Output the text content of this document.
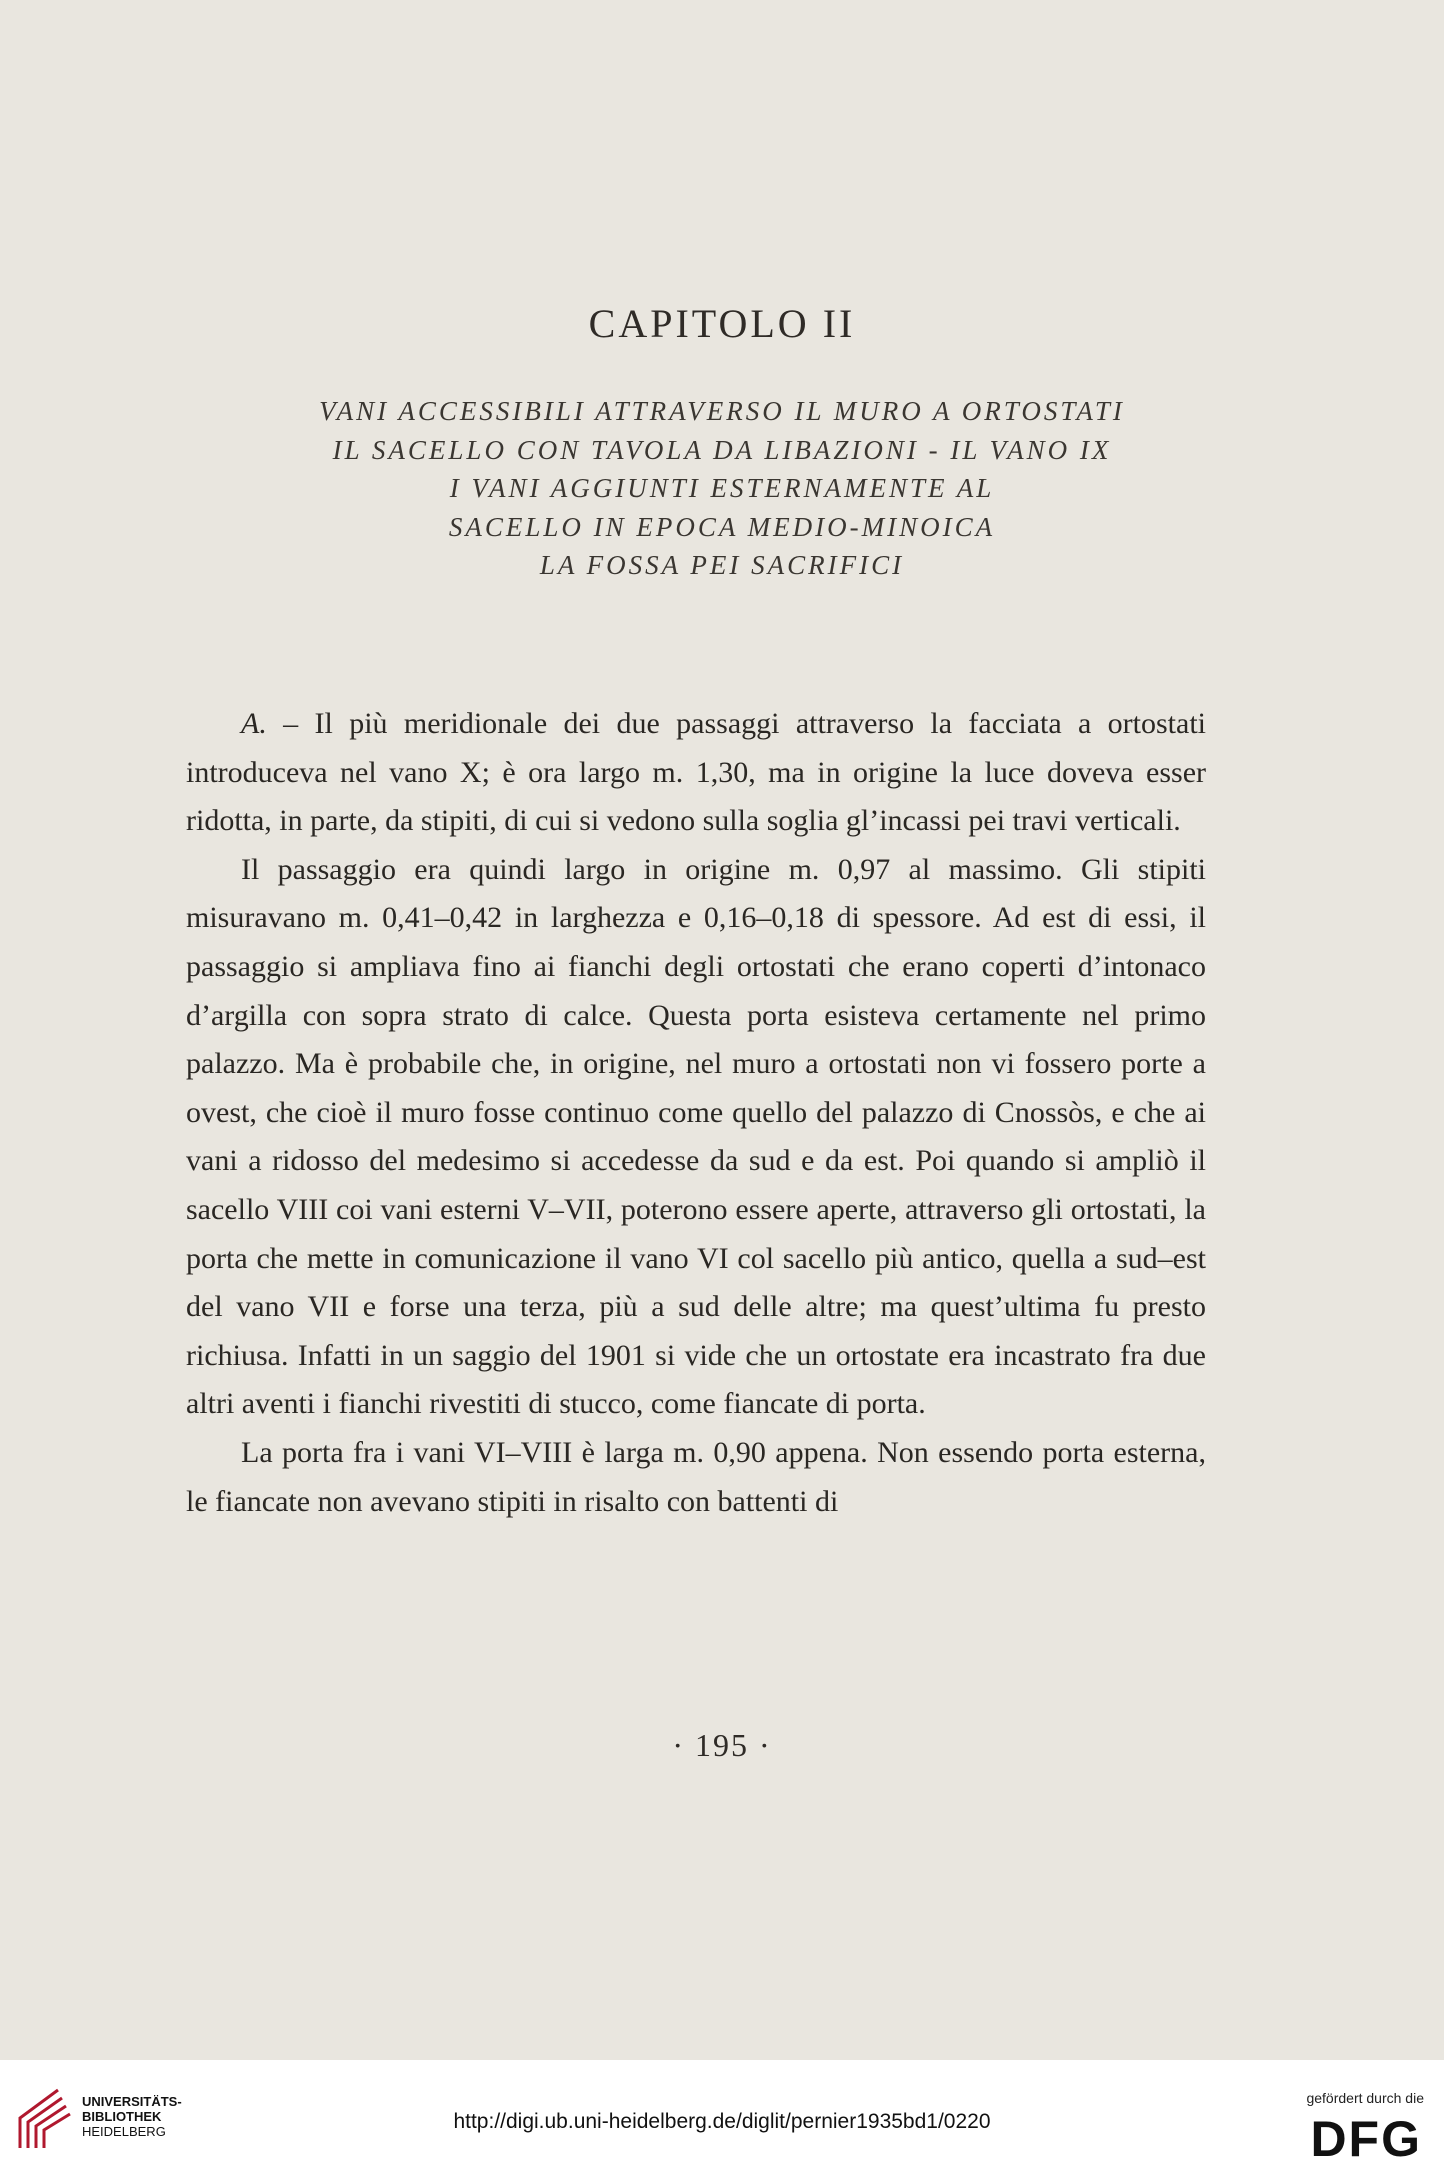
CAPITOLO II
VANI ACCESSIBILI ATTRAVERSO IL MURO A ORTOSTATI
IL SACELLO CON TAVOLA DA LIBAZIONI - IL VANO IX
I VANI AGGIUNTI ESTERNAMENTE AL
SACELLO IN EPOCA MEDIO-MINOICA
LA FOSSA PEI SACRIFICI

A. – Il più meridionale dei due passaggi attraverso la facciata a ortostati introduceva nel vano X; è ora largo m. 1,30, ma in origine la luce doveva esser ridotta, in parte, da stipiti, di cui si vedono sulla soglia gl’incassi pei travi verticali.

Il passaggio era quindi largo in origine m. 0,97 al massimo. Gli stipiti misuravano m. 0,41–0,42 in larghezza e 0,16–0,18 di spessore. Ad est di essi, il passaggio si ampliava fino ai fianchi degli ortostati che erano coperti d’intonaco d’argilla con sopra strato di calce. Questa porta esisteva certamente nel primo palazzo. Ma è probabile che, in origine, nel muro a ortostati non vi fossero porte a ovest, che cioè il muro fosse continuo come quello del palazzo di Cnossòs, e che ai vani a ridosso del medesimo si accedesse da sud e da est. Poi quando si ampliò il sacello VIII coi vani esterni V–VII, poterono essere aperte, attraverso gli ortostati, la porta che mette in comunicazione il vano VI col sacello più antico, quella a sud–est del vano VII e forse una terza, più a sud delle altre; ma quest’ultima fu presto richiusa. Infatti in un saggio del 1901 si vide che un ortostate era incastrato fra due altri aventi i fianchi rivestiti di stucco, come fiancate di porta.

La porta fra i vani VI–VIII è larga m. 0,90 appena. Non essendo porta esterna, le fiancate non avevano stipiti in risalto con battenti di

· 195 ·
UNIVERSITÄTS-
BIBLIOTHEK
HEIDELBERG	http://digi.ub.uni-heidelberg.de/diglit/pernier1935bd1/0220
gefördert durch die
DFG
